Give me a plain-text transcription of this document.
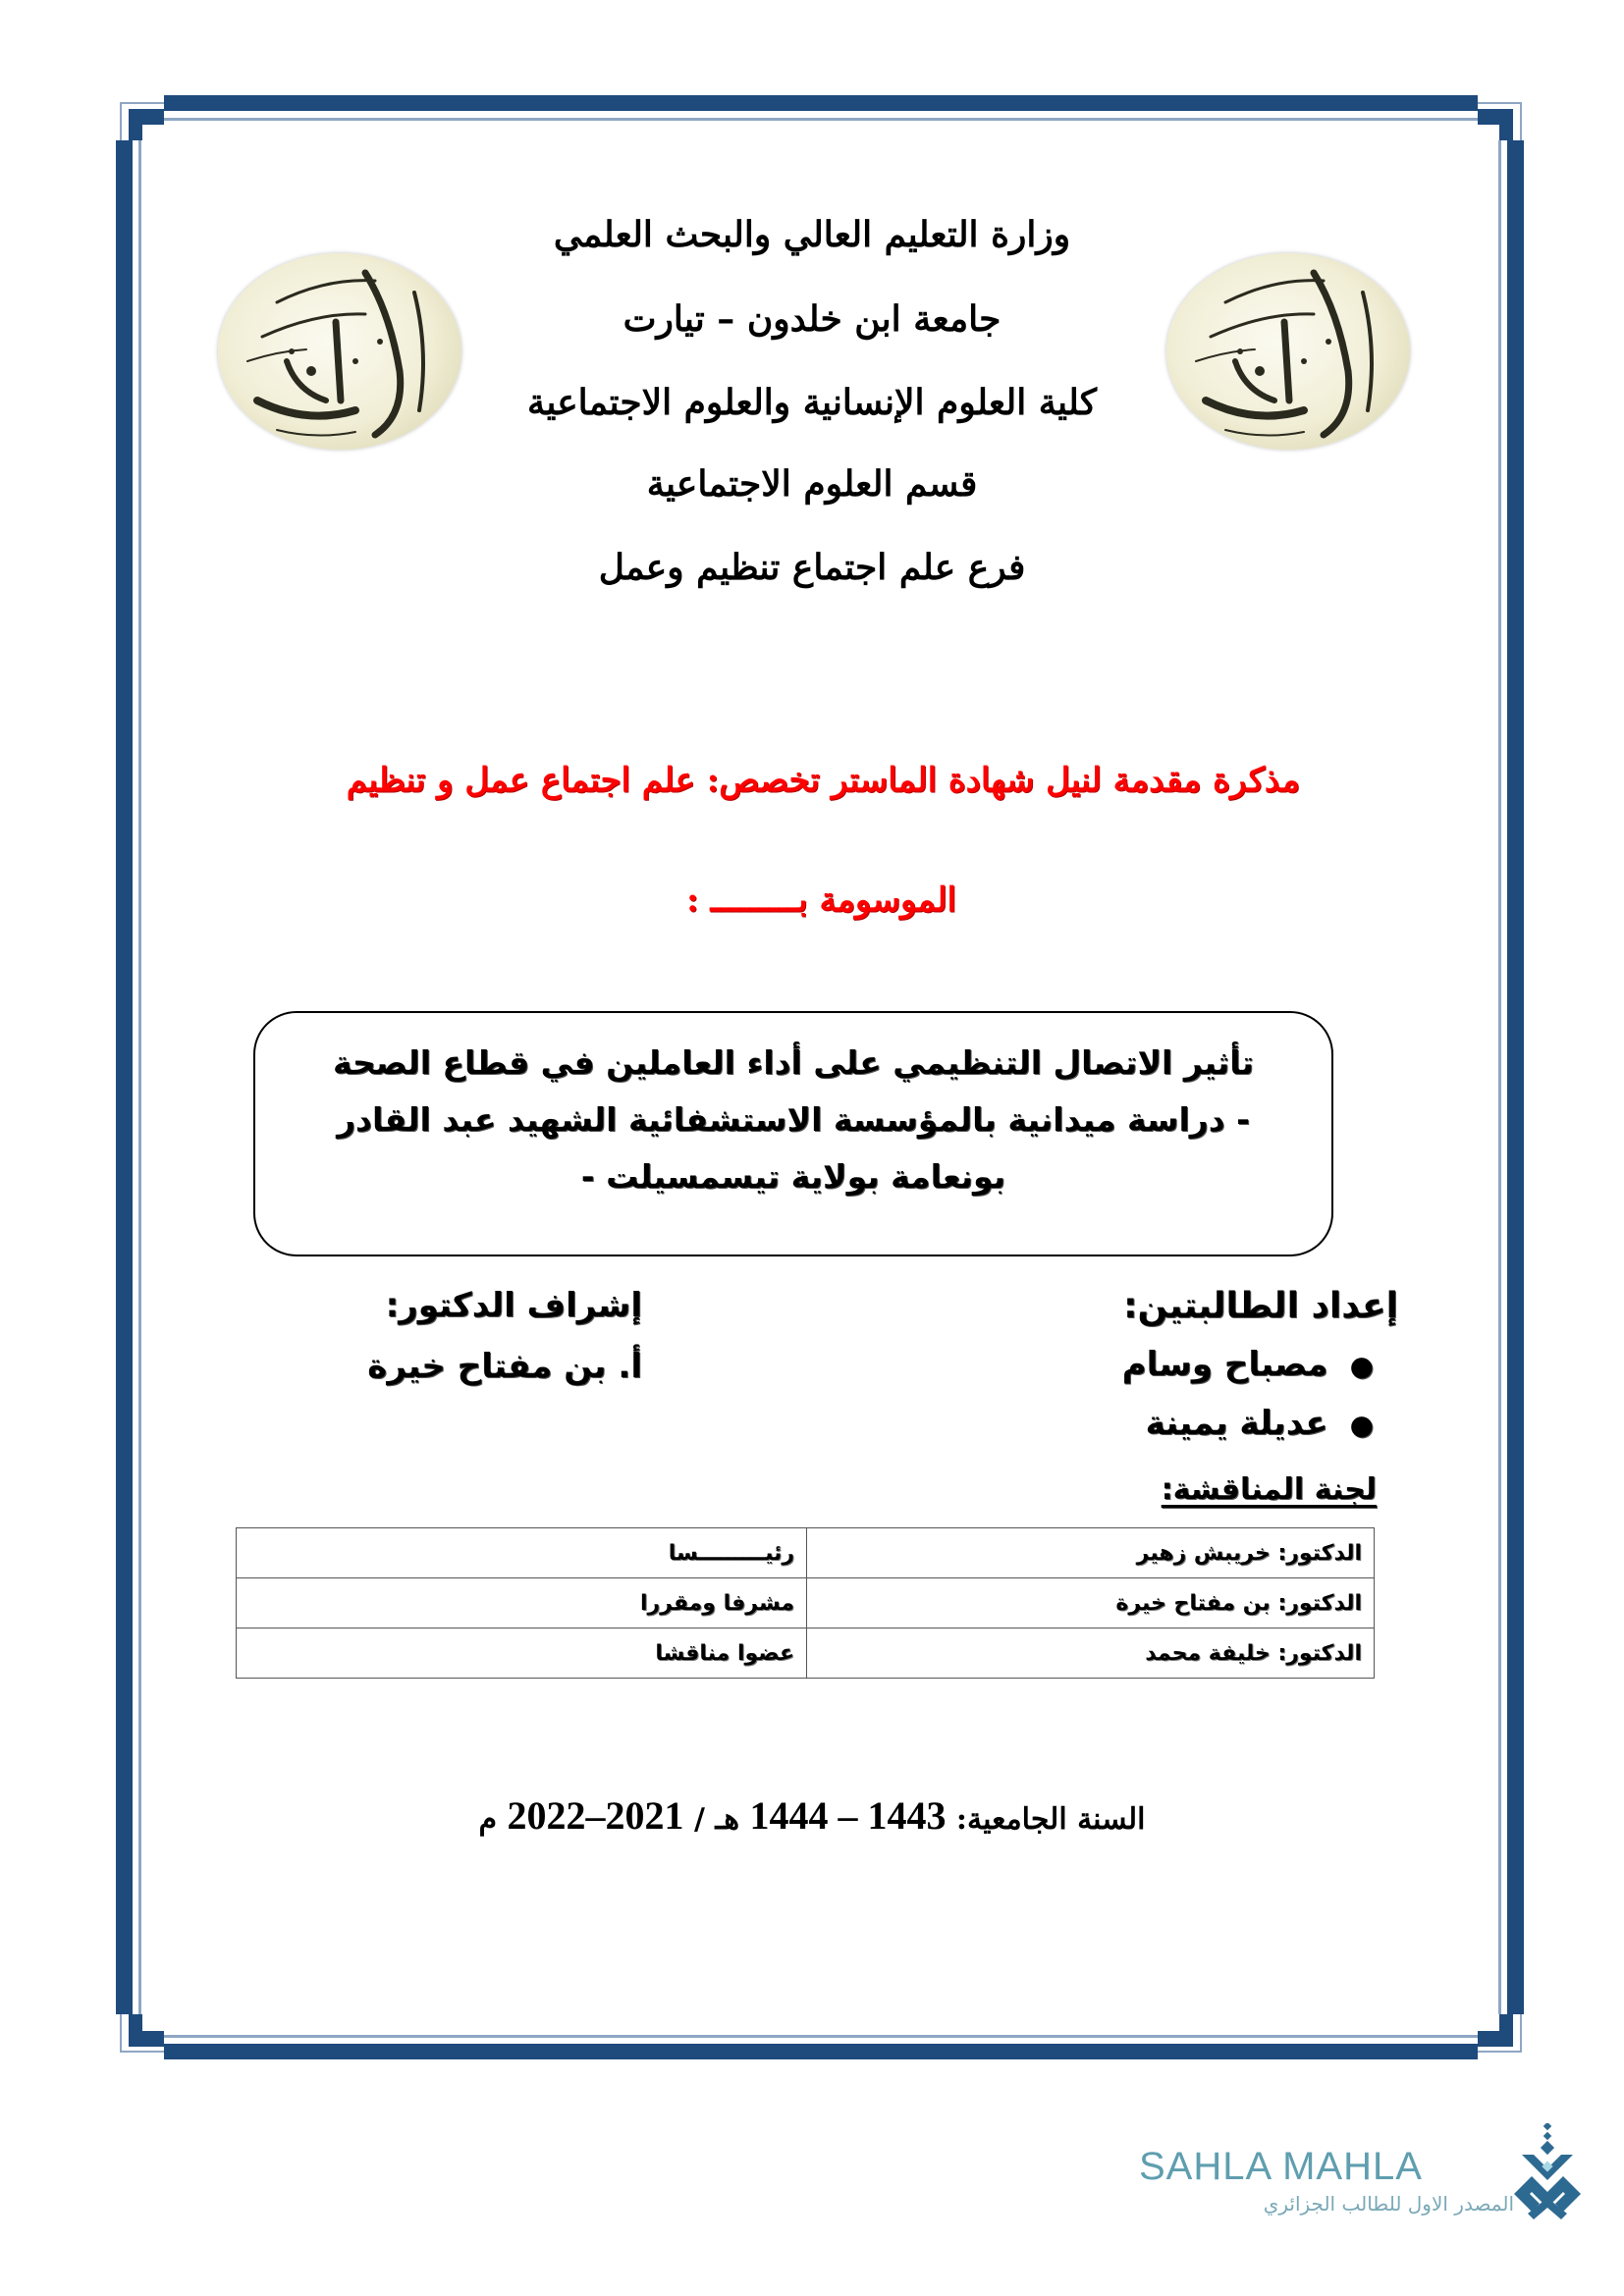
وزارة التعليم العالي والبحث العلمي
جامعة ابن خلدون – تيارت
كلية العلوم الإنسانية والعلوم الاجتماعية
قسم العلوم الاجتماعية
فرع علم اجتماع تنظيم وعمل
مذكرة مقدمة لنيل شهادة الماستر تخصص: علم اجتماع عمل و تنظيم
الموسومة بـــــــــ :
تأثير الاتصال التنظيمي على أداء العاملين في قطاع الصحة
- دراسة ميدانية بالمؤسسة الاستشفائية الشهيد عبد القادر
بونعامة بولاية تيسمسيلت -
إعداد الطالبتين:
●مصباح وسام
●عديلة يمينة
إشراف الدكتور:
أ. بن مفتاح خيرة
لجنة المناقشة:
الدكتور: خريبش زهير	رئيـــــــــسا
الدكتور: بن مفتاح خيرة	مشرفا ومقررا
الدكتور: خليفة محمد	عضوا مناقشا
السنة الجامعية: 1443 – 1444 هـ / 2021–2022 م
SAHLA MAHLA
المصدر الاول للطالب الجزائري
